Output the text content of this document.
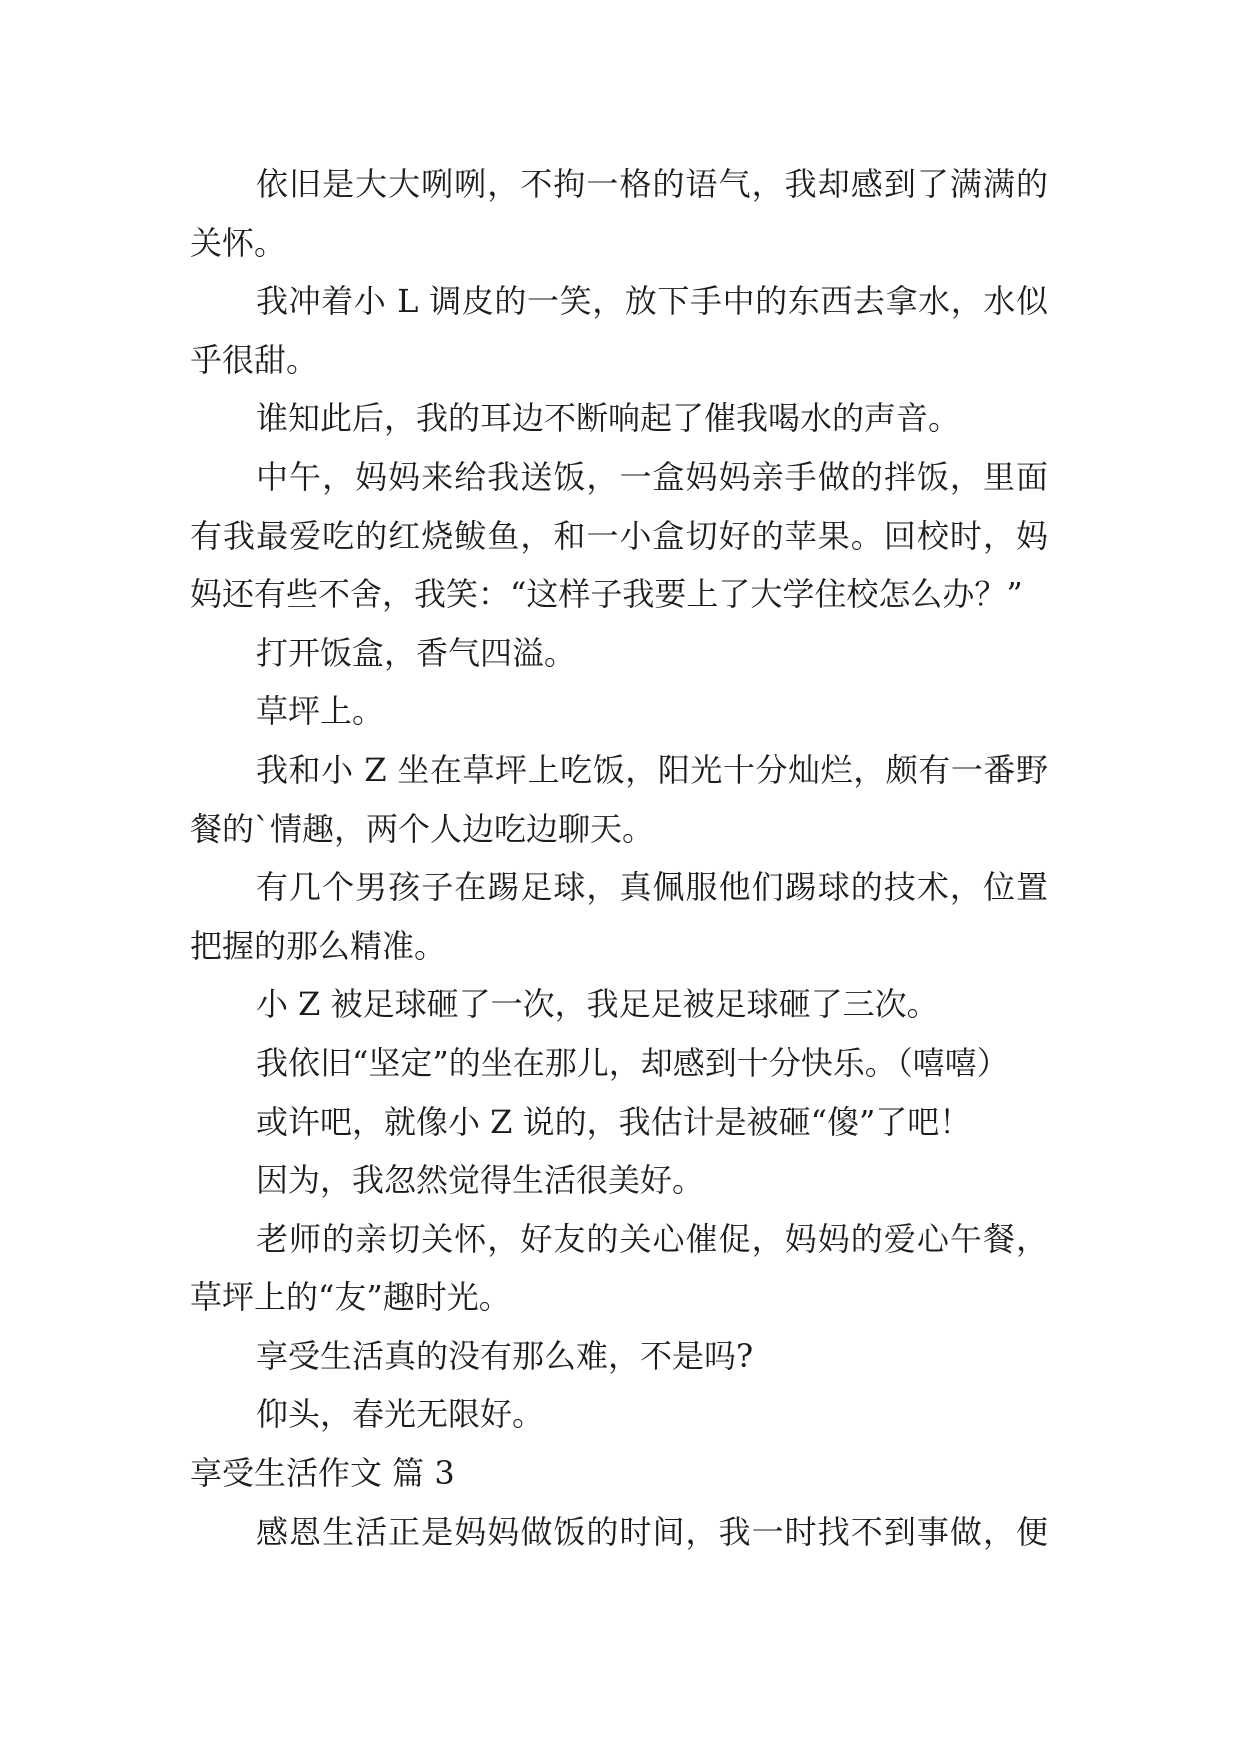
依旧是大大咧咧，不拘一格的语气，我却感到了满满的
关怀。
我冲着小 L 调皮的一笑，放下手中的东西去拿水，水似
乎很甜。
谁知此后，我的耳边不断响起了催我喝水的声音。
中午，妈妈来给我送饭，一盒妈妈亲手做的拌饭，里面
有我最爱吃的红烧鲅鱼，和一小盒切好的苹果。回校时，妈
妈还有些不舍，我笑：“这样子我要上了大学住校怎么办？”
打开饭盒，香气四溢。
草坪上。
我和小 Z 坐在草坪上吃饭，阳光十分灿烂，颇有一番野
餐的`情趣，两个人边吃边聊天。
有几个男孩子在踢足球，真佩服他们踢球的技术，位置
把握的那么精准。
小 Z 被足球砸了一次，我足足被足球砸了三次。
我依旧“坚定”的坐在那儿，却感到十分快乐。（嘻嘻）
或许吧，就像小 Z 说的，我估计是被砸“傻”了吧！
因为，我忽然觉得生活很美好。
老师的亲切关怀，好友的关心催促，妈妈的爱心午餐，
草坪上的“友”趣时光。
享受生活真的没有那么难，不是吗?
仰头，春光无限好。
享受生活作文 篇 3
感恩生活正是妈妈做饭的时间，我一时找不到事做，便
